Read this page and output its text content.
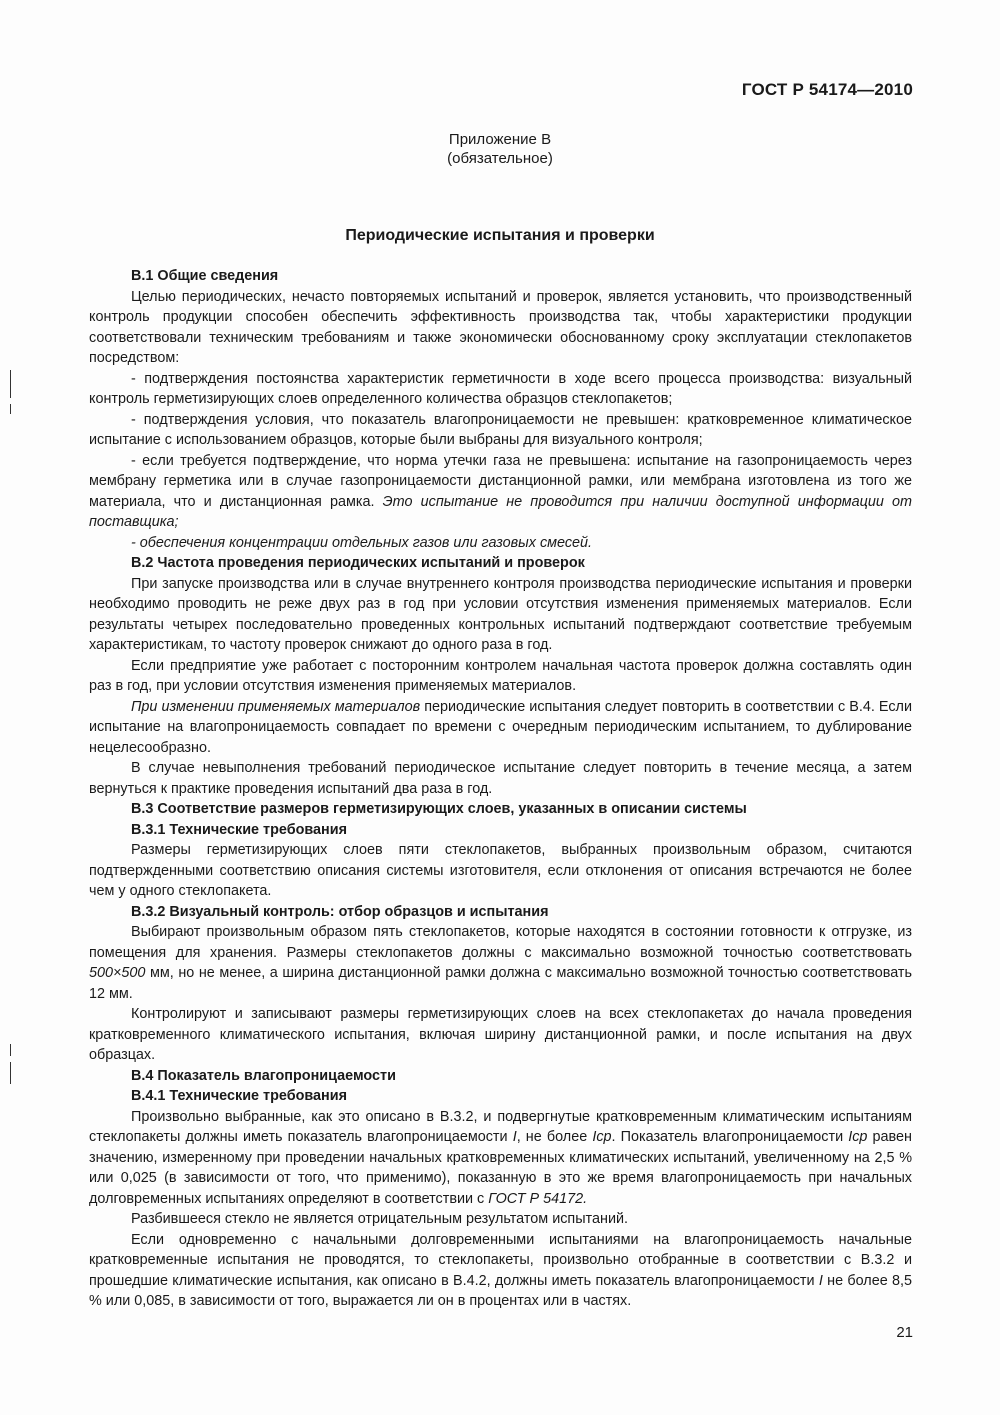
ГОСТ Р 54174—2010
Приложение В
(обязательное)
Периодические испытания и проверки
В.1 Общие сведения

Целью периодических, нечасто повторяемых испытаний и проверок, является установить, что производственный контроль продукции способен обеспечить эффективность производства так, чтобы характеристики продукции соответствовали техническим требованиям и также экономически обоснованному сроку эксплуатации стеклопакетов посредством:

- подтверждения постоянства характеристик герметичности в ходе всего процесса производства: визуальный контроль герметизирующих слоев определенного количества образцов стеклопакетов;

- подтверждения условия, что показатель влагопроницаемости не превышен: кратковременное климатическое испытание с использованием образцов, которые были выбраны для визуального контроля;

- если требуется подтверждение, что норма утечки газа не превышена: испытание на газопроницаемость через мембрану герметика или в случае газопроницаемости дистанционной рамки, или мембрана изготовлена из того же материала, что и дистанционная рамка. Это испытание не проводится при наличии доступной информации от поставщика;

- обеспечения концентрации отдельных газов или газовых смесей.

В.2 Частота проведения периодических испытаний и проверок

При запуске производства или в случае внутреннего контроля производства периодические испытания и проверки необходимо проводить не реже двух раз в год при условии отсутствия изменения применяемых материалов. Если результаты четырех последовательно проведенных контрольных испытаний подтверждают соответствие требуемым характеристикам, то частоту проверок снижают до одного раза в год.

Если предприятие уже работает с посторонним контролем начальная частота проверок должна составлять один раз в год, при условии отсутствия изменения применяемых материалов.

При изменении применяемых материалов периодические испытания следует повторить в соответствии с В.4. Если испытание на влагопроницаемость совпадает по времени с очередным периодическим испытанием, то дублирование нецелесообразно.

В случае невыполнения требований периодическое испытание следует повторить в течение месяца, а затем вернуться к практике проведения испытаний два раза в год.

В.3 Соответствие размеров герметизирующих слоев, указанных в описании системы
В.3.1 Технические требования

Размеры герметизирующих слоев пяти стеклопакетов, выбранных произвольным образом, считаются подтвержденными соответствию описания системы изготовителя, если отклонения от описания встречаются не более чем у одного стеклопакета.

В.3.2 Визуальный контроль: отбор образцов и испытания

Выбирают произвольным образом пять стеклопакетов, которые находятся в состоянии готовности к отгрузке, из помещения для хранения. Размеры стеклопакетов должны с максимально возможной точностью соответствовать 500×500 мм, но не менее, а ширина дистанционной рамки должна с максимально возможной точностью соответствовать 12 мм.

Контролируют и записывают размеры герметизирующих слоев на всех стеклопакетах до начала проведения кратковременного климатического испытания, включая ширину дистанционной рамки, и после испытания на двух образцах.

В.4 Показатель влагопроницаемости
В.4.1 Технические требования

Произвольно выбранные, как это описано в В.3.2, и подвергнутые кратковременным климатическим испытаниям стеклопакеты должны иметь показатель влагопроницаемости I, не более Iср. Показатель влагопроницаемости Iср равен значению, измеренному при проведении начальных кратковременных климатических испытаний, увеличенному на 2,5 % или 0,025 (в зависимости от того, что применимо), показанную в это же время влагопроницаемость при начальных долговременных испытаниях определяют в соответствии с ГОСТ Р 54172.

Разбившееся стекло не является отрицательным результатом испытаний.

Если одновременно с начальными долговременными испытаниями на влагопроницаемость начальные кратковременные испытания не проводятся, то стеклопакеты, произвольно отобранные в соответствии с В.3.2 и прошедшие климатические испытания, как описано в В.4.2, должны иметь показатель влагопроницаемости I не более 8,5 % или 0,085, в зависимости от того, выражается ли он в процентах или в частях.

21
